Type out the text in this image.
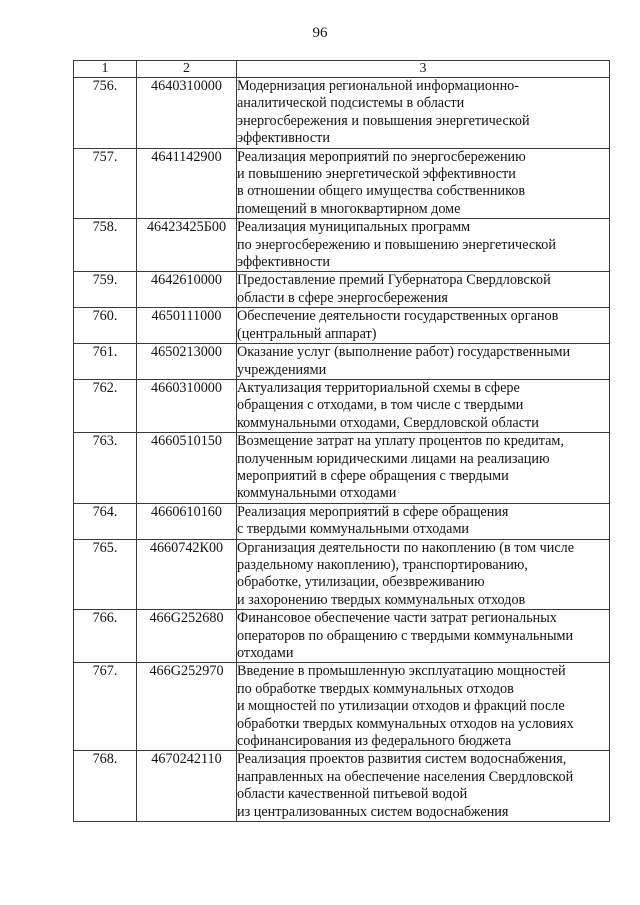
96
1	2	3
756.	4640310000	Модернизация региональной информационно-
аналитической подсистемы в области
энергосбережения и повышения энергетической
эффективности

757.	4641142900	Реализация мероприятий по энергосбережению
и повышению энергетической эффективности
в отношении общего имущества собственников
помещений в многоквартирном доме

758.	46423425Б00	Реализация муниципальных программ
по энергосбережению и повышению энергетической
эффективности

759.	4642610000	Предоставление премий Губернатора Свердловской
области в сфере энергосбережения

760.	4650111000	Обеспечение деятельности государственных органов
(центральный аппарат)

761.	4650213000	Оказание услуг (выполнение работ) государственными
учреждениями

762.	4660310000	Актуализация территориальной схемы в сфере
обращения с отходами, в том числе с твердыми
коммунальными отходами, Свердловской области

763.	4660510150	Возмещение затрат на уплату процентов по кредитам,
полученным юридическими лицами на реализацию
мероприятий в сфере обращения с твердыми
коммунальными отходами

764.	4660610160	Реализация мероприятий в сфере обращения
с твердыми коммунальными отходами

765.	4660742К00	Организация деятельности по накоплению (в том числе
раздельному накоплению), транспортированию,
обработке, утилизации, обезвреживанию
и захоронению твердых коммунальных отходов

766.	466G252680	Финансовое обеспечение части затрат региональных
операторов по обращению с твердыми коммунальными
отходами

767.	466G252970	Введение в промышленную эксплуатацию мощностей
по обработке твердых коммунальных отходов
и мощностей по утилизации отходов и фракций после
обработки твердых коммунальных отходов на условиях
софинансирования из федерального бюджета

768.	4670242110	Реализация проектов развития систем водоснабжения,
направленных на обеспечение населения Свердловской
области качественной питьевой водой
из централизованных систем водоснабжения
